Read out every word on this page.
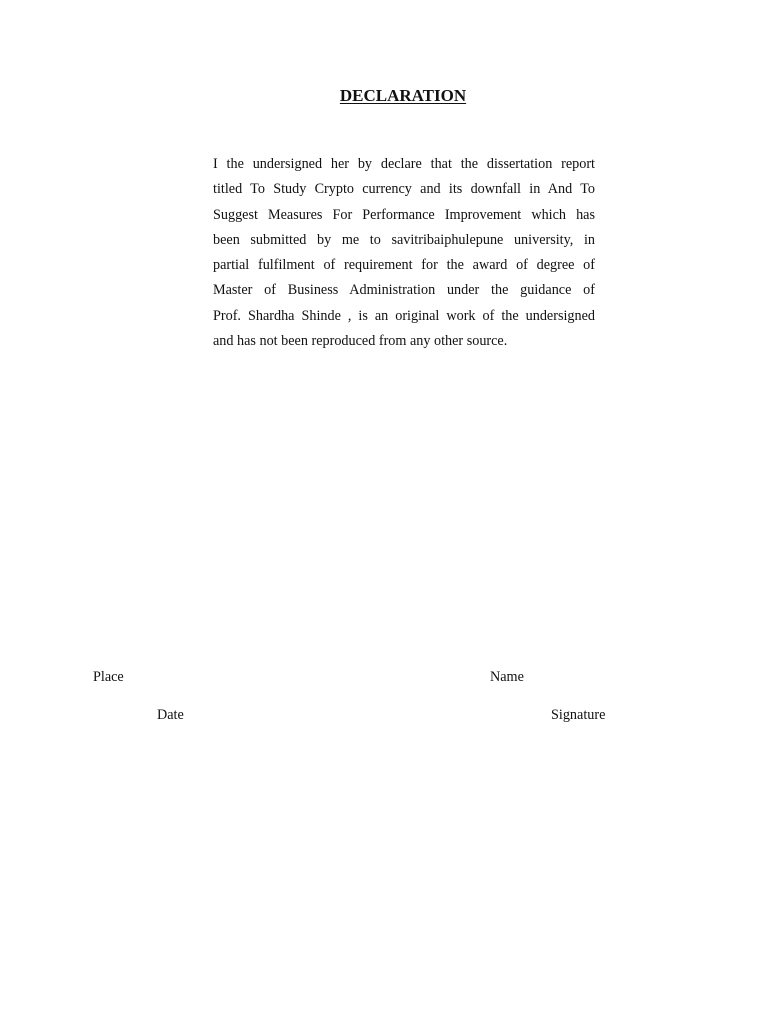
DECLARATION
I the undersigned her by declare that the dissertation report
titled To Study Crypto currency and its downfall in And To
Suggest Measures For Performance Improvement which has
been submitted by me to savitribaiphulepune university, in
partial fulfilment of requirement for the award of degree of
Master of Business Administration under the guidance of
Prof. Shardha Shinde , is an original work of the undersigned
and has not been reproduced from any other source.
Place	Name
Date	Signature
